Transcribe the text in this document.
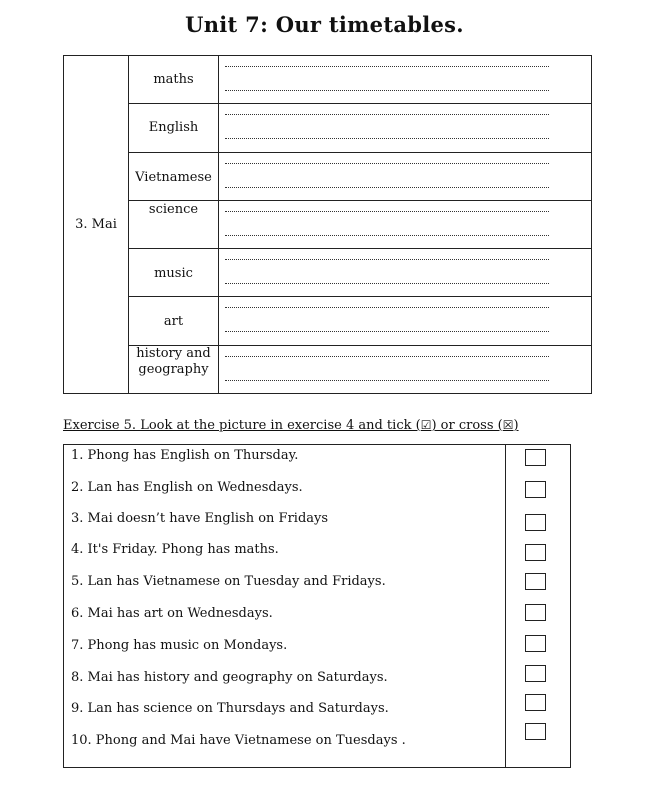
Unit 7: Our timetables.
3. Mai	maths	

	English	

	Vietnamese	

	science	

	music	

	art	

	history and geography	
Exercise 5. Look at the picture in exercise 4 and tick (☑) or cross (☒)
1. Phong has English on Thursday.
2. Lan has English on Wednesdays.
3. Mai doesn’t have English on Fridays
4. It's Friday. Phong has maths.
5. Lan has Vietnamese on Tuesday and Fridays.
6. Mai has art on Wednesdays.
7. Phong has music on Mondays.
8. Mai has history and geography on Saturdays.
9. Lan has science on Thursdays and Saturdays.
10. Phong and Mai have Vietnamese on Tuesdays .
